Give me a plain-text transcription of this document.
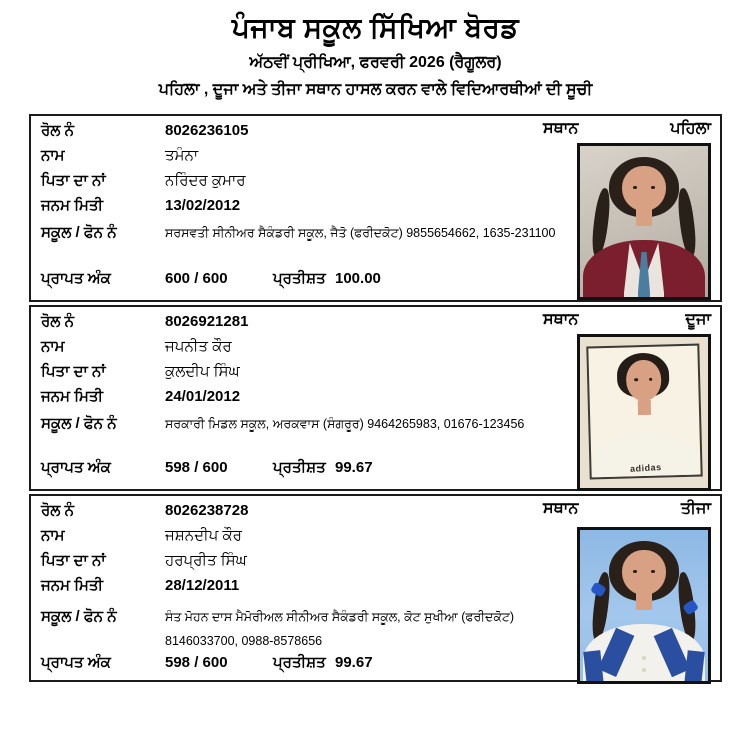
ਪੰਜਾਬ ਸਕੂਲ ਸਿੱਖਿਆ ਬੋਰਡ
ਅੱਠਵੀਂ ਪ੍ਰੀਖਿਆ, ਫਰਵਰੀ 2026 (ਰੈਗੂਲਰ)
ਪਹਿਲਾ , ਦੂਜਾ ਅਤੇ ਤੀਜਾ ਸਥਾਨ ਹਾਸਲ ਕਰਨ ਵਾਲੇ ਵਿਦਿਆਰਥੀਆਂ ਦੀ ਸੂਚੀ
ਰੋਲ ਨੰ	8026236105
ਨਾਮ	ਤਮੰਨਾ
ਪਿਤਾ ਦਾ ਨਾਂ	ਨਰਿੰਦਰ ਕੁਮਾਰ
ਜਨਮ ਮਿਤੀ	13/02/2012
ਸਕੂਲ / ਫੋਨ ਨੰ	ਸਰਸਵਤੀ ਸੀਨੀਅਰ ਸੈਕੰਡਰੀ ਸਕੂਲ, ਜੈਤੋ (ਫਰੀਦਕੋਟ) 9855654662, 1635-231100
ਪ੍ਰਾਪਤ ਅੰਕ	600 / 600	ਪ੍ਰਤੀਸ਼ਤ 100.00
ਸਥਾਨ	ਪਹਿਲਾ
ਰੋਲ ਨੰ	8026921281
ਨਾਮ	ਜਪਨੀਤ ਕੌਰ
ਪਿਤਾ ਦਾ ਨਾਂ	ਕੁਲਦੀਪ ਸਿੰਘ
ਜਨਮ ਮਿਤੀ	24/01/2012
ਸਕੂਲ / ਫੋਨ ਨੰ	ਸਰਕਾਰੀ ਮਿਡਲ ਸਕੂਲ, ਅਰਕਵਾਸ (ਸੰਗਰੂਰ) 9464265983, 01676-123456
ਪ੍ਰਾਪਤ ਅੰਕ	598 / 600	ਪ੍ਰਤੀਸ਼ਤ 99.67
ਸਥਾਨ	ਦੂਜਾ
adidas
ਰੋਲ ਨੰ	8026238728
ਨਾਮ	ਜਸ਼ਨਦੀਪ ਕੌਰ
ਪਿਤਾ ਦਾ ਨਾਂ	ਹਰਪ੍ਰੀਤ ਸਿੰਘ
ਜਨਮ ਮਿਤੀ	28/12/2011
ਸਕੂਲ / ਫੋਨ ਨੰ	ਸੰਤ ਮੋਹਨ ਦਾਸ ਮੈਮੋਰੀਅਲ ਸੀਨੀਅਰ ਸੈਕੰਡਰੀ ਸਕੂਲ, ਕੋਟ ਸੁਖੀਆ (ਫਰੀਦਕੋਟ)
8146033700, 0988-8578656
ਪ੍ਰਾਪਤ ਅੰਕ	598 / 600	ਪ੍ਰਤੀਸ਼ਤ 99.67
ਸਥਾਨ	ਤੀਜਾ
